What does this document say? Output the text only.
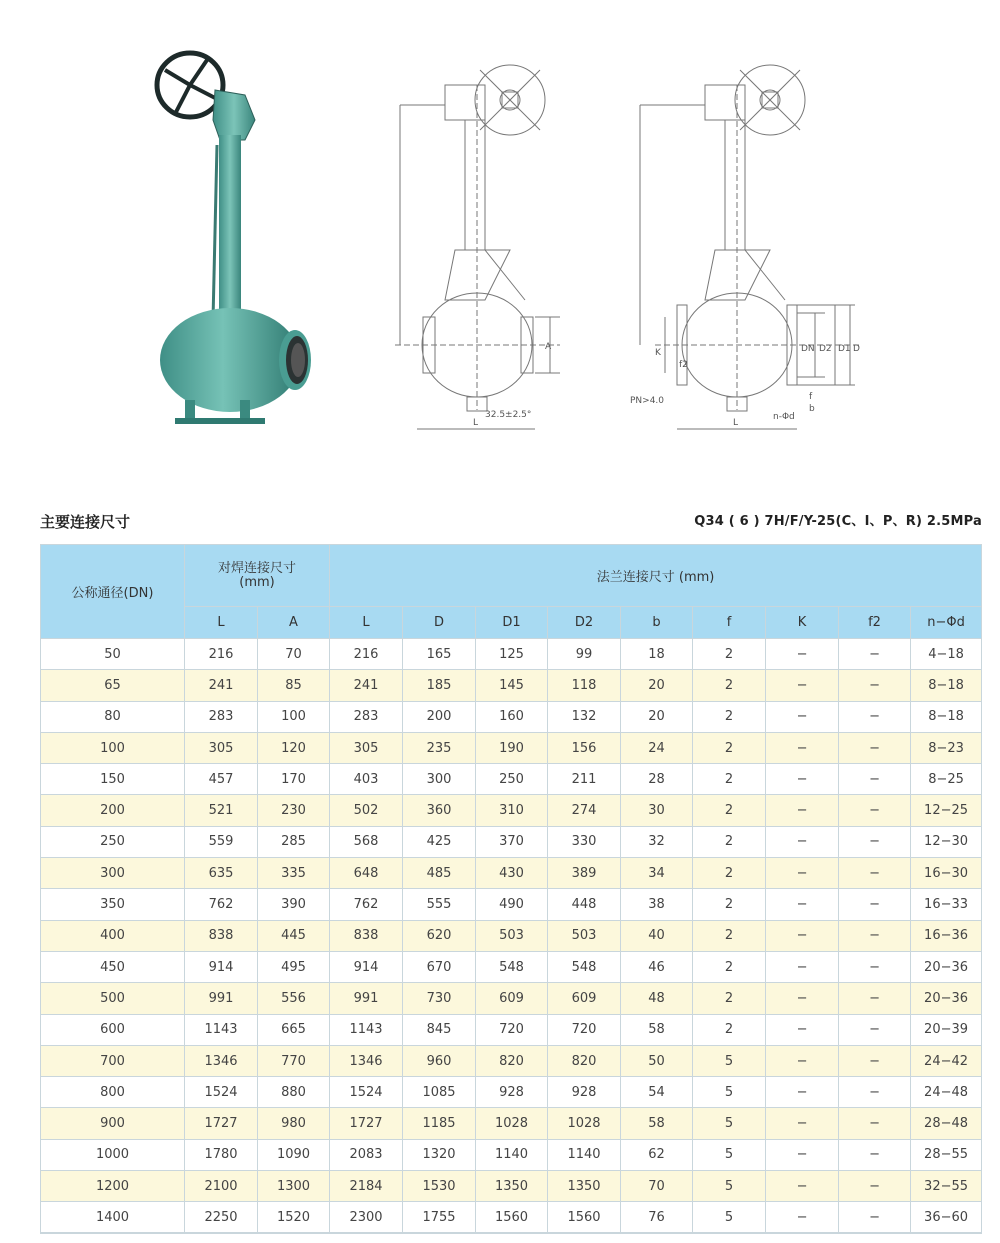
A
L
32.5±2.5°
K
f2
PN>4.0
DN D2 D1 D
b
f
n-Φd
L
主要连接尺寸	Q34 ( 6 ) 7H/F/Y-25(C、I、P、R) 2.5MPa
公称通径(DN)	对焊连接尺寸
(mm)		法兰连接尺寸 (mm)								
	L	A	L	D	D1	D2	b	f	K	f2	n−Φd
50	216	70	216	165	125	99	18	2	−	−	4−18
65	241	85	241	185	145	118	20	2	−	−	8−18
80	283	100	283	200	160	132	20	2	−	−	8−18
100	305	120	305	235	190	156	24	2	−	−	8−23
150	457	170	403	300	250	211	28	2	−	−	8−25
200	521	230	502	360	310	274	30	2	−	−	12−25
250	559	285	568	425	370	330	32	2	−	−	12−30
300	635	335	648	485	430	389	34	2	−	−	16−30
350	762	390	762	555	490	448	38	2	−	−	16−33
400	838	445	838	620	503	503	40	2	−	−	16−36
450	914	495	914	670	548	548	46	2	−	−	20−36
500	991	556	991	730	609	609	48	2	−	−	20−36
600	1143	665	1143	845	720	720	58	2	−	−	20−39
700	1346	770	1346	960	820	820	50	5	−	−	24−42
800	1524	880	1524	1085	928	928	54	5	−	−	24−48
900	1727	980	1727	1185	1028	1028	58	5	−	−	28−48
1000	1780	1090	2083	1320	1140	1140	62	5	−	−	28−55
1200	2100	1300	2184	1530	1350	1350	70	5	−	−	32−55
1400	2250	1520	2300	1755	1560	1560	76	5	−	−	36−60
